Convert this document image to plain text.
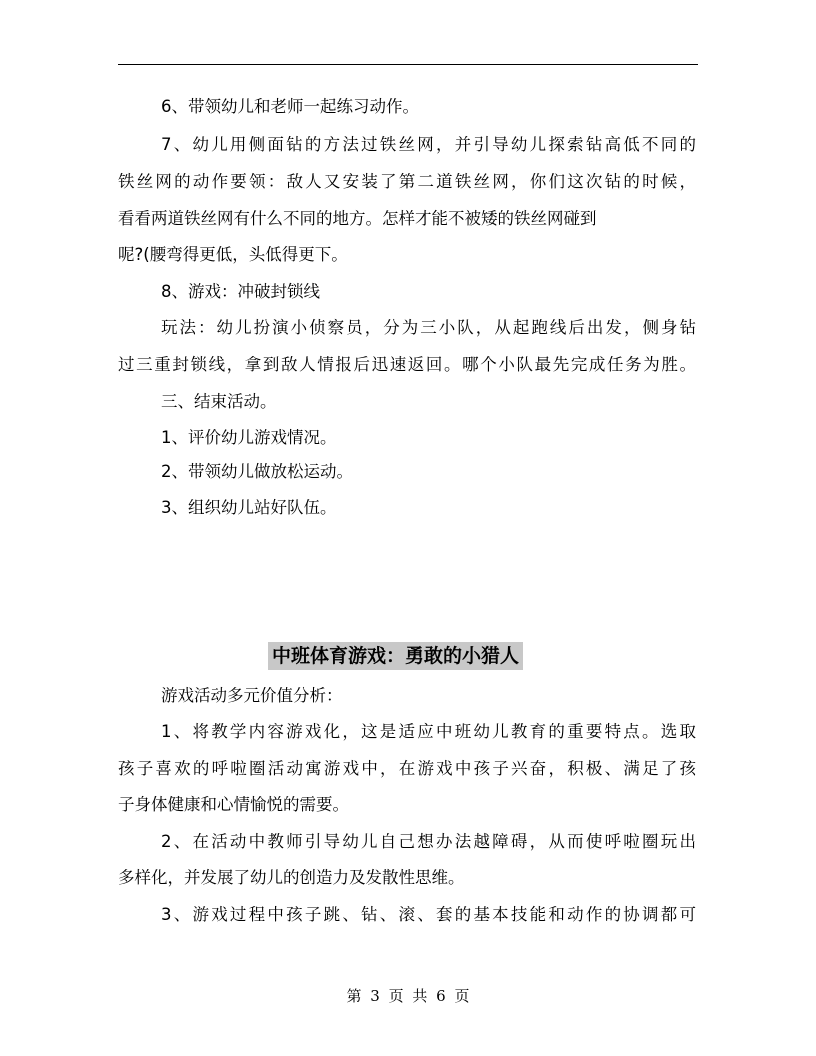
6、带领幼儿和老师一起练习动作。
7、幼儿用侧面钻的方法过铁丝网，并引导幼儿探索钻高低不同的
铁丝网的动作要领：敌人又安装了第二道铁丝网，你们这次钻的时候，
看看两道铁丝网有什么不同的地方。怎样才能不被矮的铁丝网碰到
呢?(腰弯得更低，头低得更下。
8、游戏：冲破封锁线
玩法：幼儿扮演小侦察员，分为三小队，从起跑线后出发，侧身钻
过三重封锁线，拿到敌人情报后迅速返回。哪个小队最先完成任务为胜。
三、结束活动。
1、评价幼儿游戏情况。
2、带领幼儿做放松运动。
3、组织幼儿站好队伍。
中班体育游戏：勇敢的小猎人
游戏活动多元价值分析：
1、将教学内容游戏化，这是适应中班幼儿教育的重要特点。选取
孩子喜欢的呼啦圈活动寓游戏中，在游戏中孩子兴奋，积极、满足了孩
子身体健康和心情愉悦的需要。
2、在活动中教师引导幼儿自己想办法越障碍，从而使呼啦圈玩出
多样化，并发展了幼儿的创造力及发散性思维。
3、游戏过程中孩子跳、钻、滚、套的基本技能和动作的协调都可
第 3 页 共 6 页
